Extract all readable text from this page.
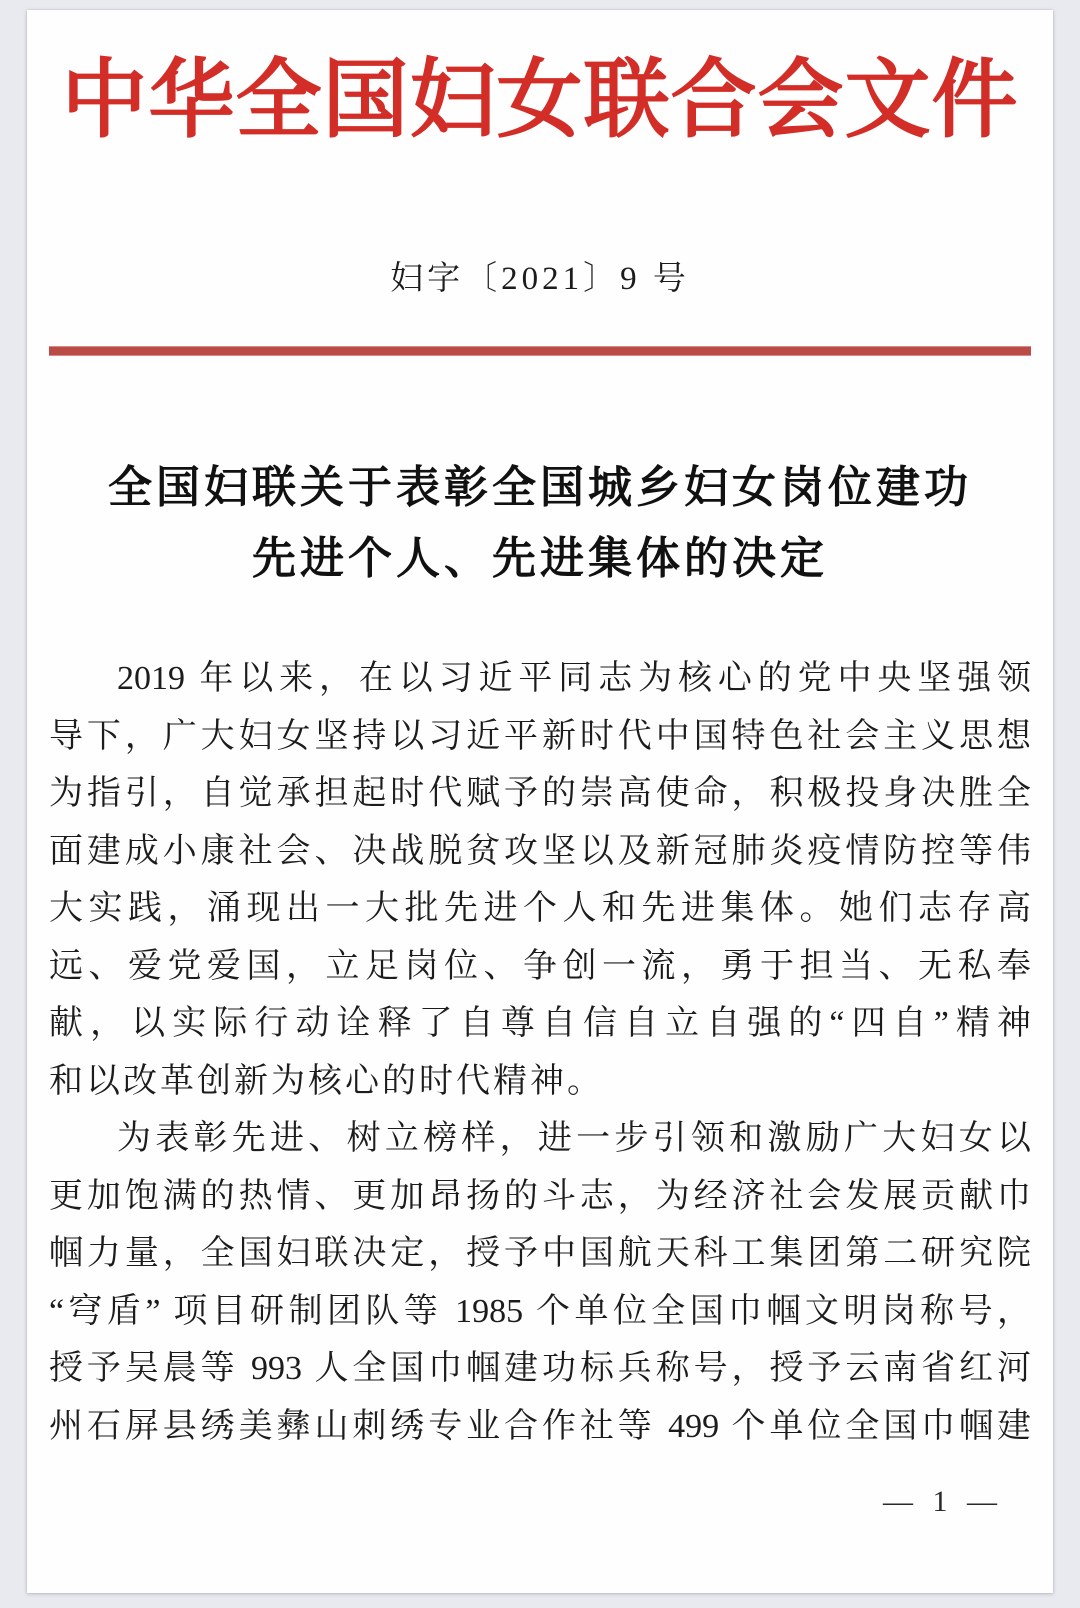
中华全国妇女联合会文件
妇字〔2021〕9 号
全国妇联关于表彰全国城乡妇女岗位建功
先进个人、先进集体的决定
2019 年以来，在以习近平同志为核心的党中央坚强领
导下，广大妇女坚持以习近平新时代中国特色社会主义思想
为指引，自觉承担起时代赋予的崇高使命，积极投身决胜全
面建成小康社会、决战脱贫攻坚以及新冠肺炎疫情防控等伟
大实践，涌现出一大批先进个人和先进集体。她们志存高
远、爱党爱国，立足岗位、争创一流，勇于担当、无私奉
献，以实际行动诠释了自尊自信自立自强的“四自”精神
和以改革创新为核心的时代精神。
为表彰先进、树立榜样，进一步引领和激励广大妇女以
更加饱满的热情、更加昂扬的斗志，为经济社会发展贡献巾
帼力量，全国妇联决定，授予中国航天科工集团第二研究院
“穹盾” 项目研制团队等 1985 个单位全国巾帼文明岗称号，
授予吴晨等 993 人全国巾帼建功标兵称号，授予云南省红河
州石屏县绣美彝山刺绣专业合作社等 499 个单位全国巾帼建
— 1 —
